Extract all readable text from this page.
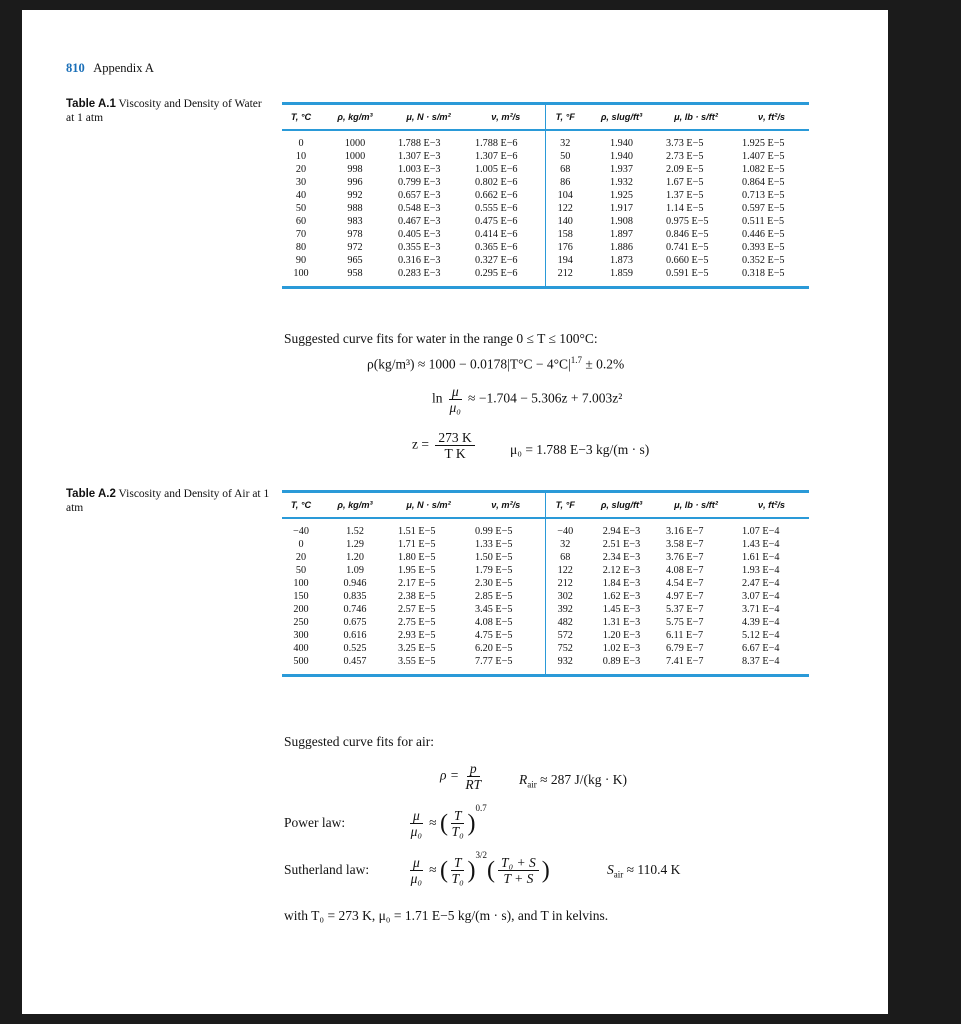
810 Appendix A
Table A.1 Viscosity and Density of Water at 1 atm	T, °C	ρ, kg/m³	μ, N · s/m²	ν, m²/s	T, °F	ρ, slug/ft³	μ, lb · s/ft²	ν, ft²/s
0	1000	1.788 E−3	1.788 E−6	32	1.940	3.73 E−5	1.925 E−5
10	1000	1.307 E−3	1.307 E−6	50	1.940	2.73 E−5	1.407 E−5
20	998	1.003 E−3	1.005 E−6	68	1.937	2.09 E−5	1.082 E−5
30	996	0.799 E−3	0.802 E−6	86	1.932	1.67 E−5	0.864 E−5
40	992	0.657 E−3	0.662 E−6	104	1.925	1.37 E−5	0.713 E−5
50	988	0.548 E−3	0.555 E−6	122	1.917	1.14 E−5	0.597 E−5
60	983	0.467 E−3	0.475 E−6	140	1.908	0.975 E−5	0.511 E−5
70	978	0.405 E−3	0.414 E−6	158	1.897	0.846 E−5	0.446 E−5
80	972	0.355 E−3	0.365 E−6	176	1.886	0.741 E−5	0.393 E−5
90	965	0.316 E−3	0.327 E−6	194	1.873	0.660 E−5	0.352 E−5
100	958	0.283 E−3	0.295 E−6	212	1.859	0.591 E−5	0.318 E−5
Suggested curve fits for water in the range 0 ≤ T ≤ 100°C:
$\rho(kg/m^3) \approx 1000 - 0.0178|T^\circ C - 4^\circ C|^{1.7} \pm 0.2\%$
$\ln \frac{\mu}{\text{μ₀}} \approx -1.704 - 5.306z + 7.003z^2$
$z = \frac{273 K}{\text{T K}}$	μ₀ = 1.788 E−3 kg/(m · s)
Table A.2 Viscosity and Density of Air at 1 atm	T, °C	ρ, kg/m³	μ, N · s/m²	ν, m²/s	T, °F	ρ, slug/ft³	μ, lb · s/ft²	ν, ft²/s
−40	1.52	1.51 E−5	0.99 E−5	−40	2.94 E−3	3.16 E−7	1.07 E−4
0	1.29	1.71 E−5	1.33 E−5	32	2.51 E−3	3.58 E−7	1.43 E−4
20	1.20	1.80 E−5	1.50 E−5	68	2.34 E−3	3.76 E−7	1.61 E−4
50	1.09	1.95 E−5	1.79 E−5	122	2.12 E−3	4.08 E−7	1.93 E−4
100	0.946	2.17 E−5	2.30 E−5	212	1.84 E−3	4.54 E−7	2.47 E−4
150	0.835	2.38 E−5	2.85 E−5	302	1.62 E−3	4.97 E−7	3.07 E−4
200	0.746	2.57 E−5	3.45 E−5	392	1.45 E−3	5.37 E−7	3.71 E−4
250	0.675	2.75 E−5	4.08 E−5	482	1.31 E−3	5.75 E−7	4.39 E−4
300	0.616	2.93 E−5	4.75 E−5	572	1.20 E−3	6.11 E−7	5.12 E−4
400	0.525	3.25 E−5	6.20 E−5	752	1.02 E−3	6.79 E−7	6.67 E−4
500	0.457	3.55 E−5	7.77 E−5	932	0.89 E−3	7.41 E−7	8.37 E−4
Suggested curve fits for air:
$\rho = \frac{p}{RT}$	$R_{air} \approx 287$ J/(kg · K)
Power law:	$\frac{\mu}{\text{μ₀}}$ ≈ ( $\frac{T}{\text{T₀}} )^{0.7}$
Sutherland law:	$\frac{\mu}{\text{μ₀}}$ ≈ ( $\frac{T}{\text{T₀}} )^{3/2}( \frac{\text{T₀ + S}}{T + S}$ )	$S_{air} \approx 110.4$ K
with T₀ = 273 K, μ₀ = 1.71 E−5 kg/(m · s), and T in kelvins.
